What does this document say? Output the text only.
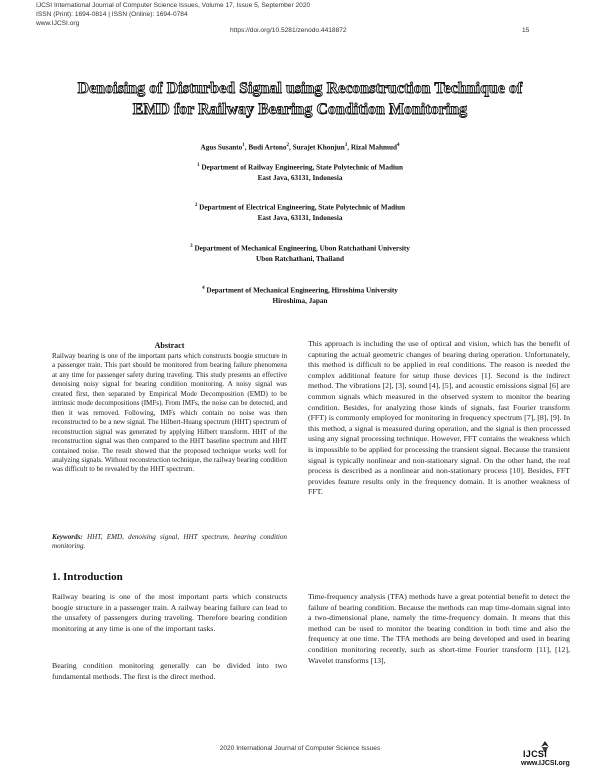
IJCSI International Journal of Computer Science Issues, Volume 17, Issue 5, September 2020
ISSN (Print): 1694-0814 | ISSN (Online): 1694-0784
www.IJCSI.org
https://doi.org/10.5281/zenodo.4418872	15
Denoising of Disturbed Signal using Reconstruction Technique of
EMD for Railway Bearing Condition Monitoring
Agus Susanto$^1$, Budi Artono$^2$, Surajet Khonjun$^3$, Rizal Mahmud$^4$
$^1$ Department of Railway Engineering, State Polytechnic of Madiun
East Java, 63131, Indonesia
$^2$ Department of Electrical Engineering, State Polytechnic of Madiun
East Java, 63131, Indonesia
$^3$ Department of Mechanical Engineering, Ubon Ratchathani University
Ubon Ratchathani, Thailand
$^4$ Department of Mechanical Engineering, Hiroshima University
Hiroshima, Japan
Abstract
Railway bearing is one of the important parts which constructs boogie structure in a passenger train. This part should be monitored from bearing failure phenomena at any time for passenger safety during traveling. This study presents an effective denoising noisy signal for bearing condition monitoring. A noisy signal was created first, then separated by Empirical Mode Decomposition (EMD) to be intrinsic mode decompositions (IMFs). From IMFs, the noise can be detected, and then it was removed. Following, IMFs which contain no noise was then reconstructed to be a new signal. The Hilbert-Huang spectrum (HHT) spectrum of reconstruction signal was generated by applying Hilbert transform. HHT of the reconstruction signal was then compared to the HHT baseline spectrum and HHT contained noise. The result showed that the proposed technique works well for analyzing signals. Without reconstruction technique, the railway bearing condition was difficult to be revealed by the HHT spectrum.
Keywords: HHT, EMD, denoising signal, HHT spectrum, bearing condition monitoring.
1. Introduction
Railway bearing is one of the most important parts which constructs boogie structure in a passenger train. A railway bearing failure can lead to the unsafety of passengers during traveling. Therefore bearing condition monitoring at any time is one of the important tasks.
Bearing condition monitoring generally can be divided into two fundamental methods. The first is the direct method.
This approach is including the use of optical and vision, which has the benefit of capturing the actual geometric changes of bearing during operation. Unfortunately, this method is difficult to be applied in real conditions. The reason is needed the complex additional feature for setup those devices [1]. Second is the indirect method. The vibrations [2], [3], sound [4], [5], and acoustic emissions signal [6] are common signals which measured in the observed system to monitor the bearing condition. Besides, for analyzing those kinds of signals, fast Fourier transform (FFT) is commonly employed for monitoring in frequency spectrum [7], [8], [9]. In this method, a signal is measured during operation, and the signal is then processed using any signal processing technique. However, FFT contains the weakness which is impossible to be applied for processing the transient signal. Because the transient signal is typically nonlinear and non-stationary signal. On the other hand, the real process is described as a nonlinear and non-stationary process [10]. Besides, FFT provides feature results only in the frequency domain. It is another weakness of FFT.
Time-frequency analysis (TFA) methods have a great potential benefit to detect the failure of bearing condition. Because the methods can map time-domain signal into a two-dimensional plane, namely the time-frequency domain. It means that this method can be used to monitor the bearing condition in both time and also the frequency at one time. The TFA methods are being developed and used in bearing condition monitoring recently, such as short-time Fourier transform [11], [12], Wavelet transforms [13],
2020 International Journal of Computer Science Issues
IJCSI
www.IJCSI.org
